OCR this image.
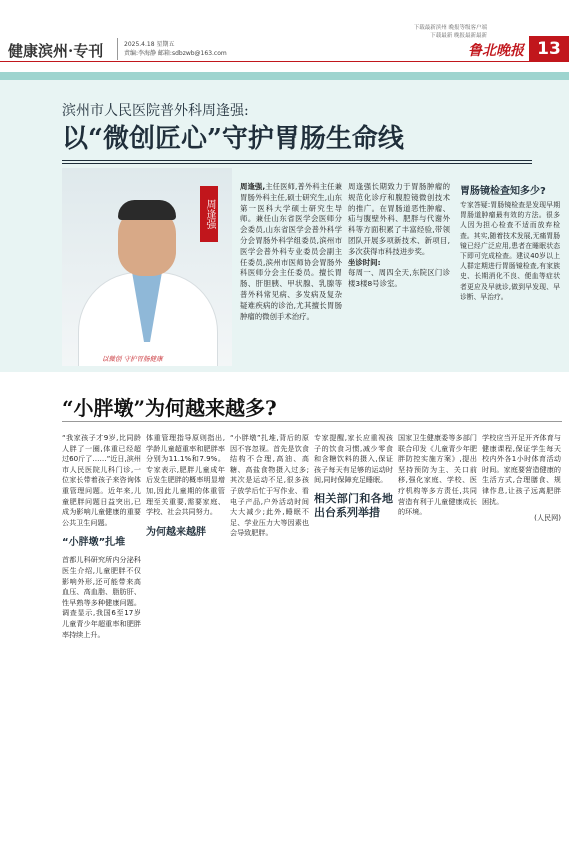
健康滨州·专刊	2025.4.18 星期五
责编:李海静 邮箱:sdbzwb@163.com
下载最新滨州 晚报等级客户端
下载最新 晚报最新最新
鲁北晚报 13
滨州市人民医院普外科周逢强:
以“微创匠心”守护胃肠生命线
周逢强
以微创 守护胃肠健康
周逢强,主任医师,普外科主任兼胃肠外科主任,硕士研究生,山东第一医科大学硕士研究生导师。兼任山东省医学会医师分会委员,山东省医学会普外科学分会胃肠外科学组委员,滨州市医学会普外科专业委员会副主任委员,滨州市医师协会胃肠外科医师分会主任委员。擅长胃肠、肝胆胰、甲状腺、乳腺等普外科常见病、多发病及复杂疑难疾病的诊治,尤其擅长胃肠肿瘤的微创手术治疗。
周逢强长期致力于胃肠肿瘤的规范化诊疗和腹腔镜微创技术的推广。在胃肠道恶性肿瘤、疝与腹壁外科、肥胖与代谢外科等方面积累了丰富经验,带领团队开展多项新技术、新项目,多次获得市科技进步奖。
坐诊时间:
每周一、周四全天,东院区门诊楼3楼8号诊室。
胃肠镜检查知多少?
专家答疑:胃肠镜检查是发现早期胃肠道肿瘤最有效的方法。很多人因为担心检查不适而放弃检查。其实,随着技术发展,无痛胃肠镜已经广泛应用,患者在睡眠状态下即可完成检查。建议40岁以上人群定期进行胃肠镜检查,有家族史、长期消化不良、便血等症状者更应及早就诊,做到早发现、早诊断、早治疗。
“小胖墩”为何越来越多?
“我家孩子才9岁,比同龄人胖了一圈,体重已经超过60斤了……”近日,滨州市人民医院儿科门诊,一位家长带着孩子来咨询体重管理问题。近年来,儿童肥胖问题日益突出,已成为影响儿童健康的重要公共卫生问题。
“小胖墩”扎堆
首都儿科研究所内分泌科医生介绍,儿童肥胖不仅影响外形,还可能带来高血压、高血脂、脂肪肝、性早熟等多种健康问题。调查显示,我国6至17岁儿童青少年超重率和肥胖率持续上升。
体重管理指导原则指出,学龄儿童超重率和肥胖率分别为11.1%和7.9%。专家表示,肥胖儿童成年后发生肥胖的概率明显增加,因此儿童期的体重管理至关重要,需要家庭、学校、社会共同努力。
为何越来越胖
“小胖墩”扎堆,背后的原因不容忽视。首先是饮食结构不合理,高油、高糖、高盐食物摄入过多;其次是运动不足,很多孩子放学后忙于写作业、看电子产品,户外活动时间大大减少;此外,睡眠不足、学业压力大等因素也会导致肥胖。
专家提醒,家长应重视孩子的饮食习惯,减少零食和含糖饮料的摄入,保证孩子每天有足够的运动时间,同时保障充足睡眠。
相关部门和各地出台系列举措
国家卫生健康委等多部门联合印发《儿童青少年肥胖防控实施方案》,提出坚持预防为主、关口前移,强化家庭、学校、医疗机构等多方责任,共同营造有利于儿童健康成长的环境。
学校应当开足开齐体育与健康课程,保证学生每天校内外各1小时体育活动时间。家庭要营造健康的生活方式,合理膳食、规律作息,让孩子远离肥胖困扰。
(人民网)
